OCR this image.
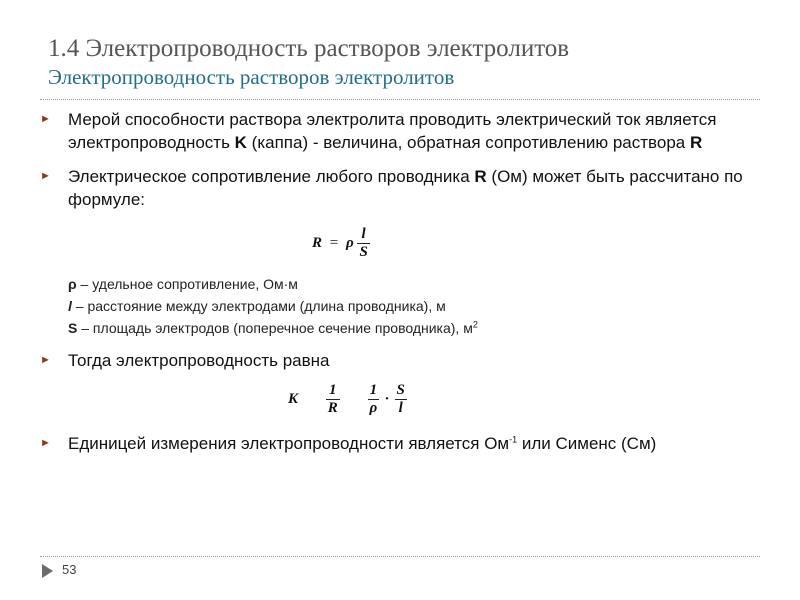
1.4 Электропроводность растворов электролитов
Электропроводность растворов электролитов
► Мерой способности раствора электролита проводить электрический ток является электропроводность K (каппа) - величина, обратная сопротивлению раствора R
► Электрическое сопротивление любого проводника R (Ом) может быть рассчитано по формуле:
ρ – удельное сопротивление, Ом·м
l – расстояние между электродами (длина проводника), м
S – площадь электродов (поперечное сечение проводника), $м^2$
► Тогда электропроводность равна
► Единицей измерения электропроводности является $Ом^{-1}$ или Сименс (См)
R = ρ $\frac{l}{S}$
K $\frac{1}{R}$
$\frac{1}{\rho} \cdot \frac{S}{l}$
53
